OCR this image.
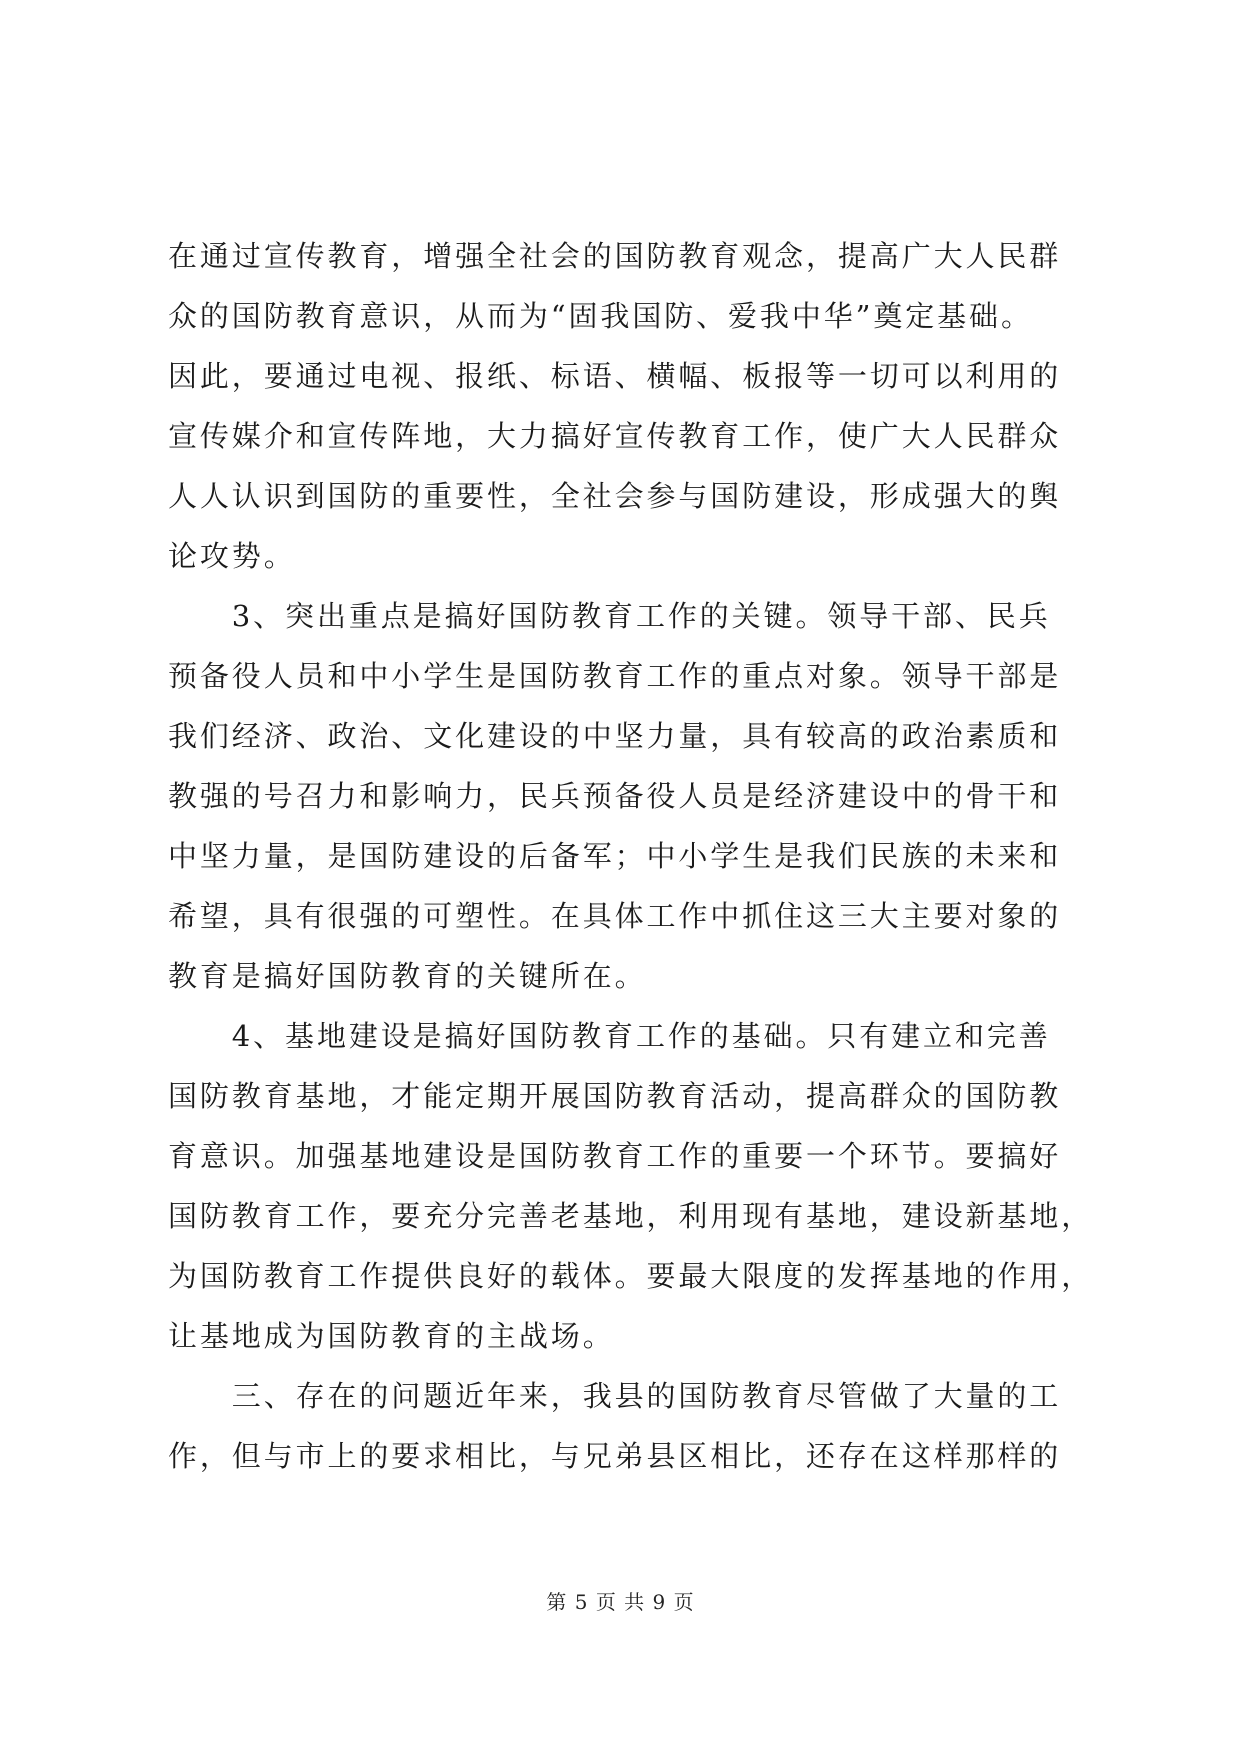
在通过宣传教育，增强全社会的国防教育观念，提高广大人民群
众的国防教育意识，从而为“固我国防、爱我中华”奠定基础。
因此，要通过电视、报纸、标语、横幅、板报等一切可以利用的
宣传媒介和宣传阵地，大力搞好宣传教育工作，使广大人民群众
人人认识到国防的重要性，全社会参与国防建设，形成强大的舆
论攻势。
　　3、突出重点是搞好国防教育工作的关键。领导干部、民兵
预备役人员和中小学生是国防教育工作的重点对象。领导干部是
我们经济、政治、文化建设的中坚力量，具有较高的政治素质和
教强的号召力和影响力，民兵预备役人员是经济建设中的骨干和
中坚力量，是国防建设的后备军；中小学生是我们民族的未来和
希望，具有很强的可塑性。在具体工作中抓住这三大主要对象的
教育是搞好国防教育的关键所在。
　　4、基地建设是搞好国防教育工作的基础。只有建立和完善
国防教育基地，才能定期开展国防教育活动，提高群众的国防教
育意识。加强基地建设是国防教育工作的重要一个环节。要搞好
国防教育工作，要充分完善老基地，利用现有基地，建设新基地，
为国防教育工作提供良好的载体。要最大限度的发挥基地的作用，
让基地成为国防教育的主战场。
　　三、存在的问题近年来，我县的国防教育尽管做了大量的工
作，但与市上的要求相比，与兄弟县区相比，还存在这样那样的
第 5 页 共 9 页
